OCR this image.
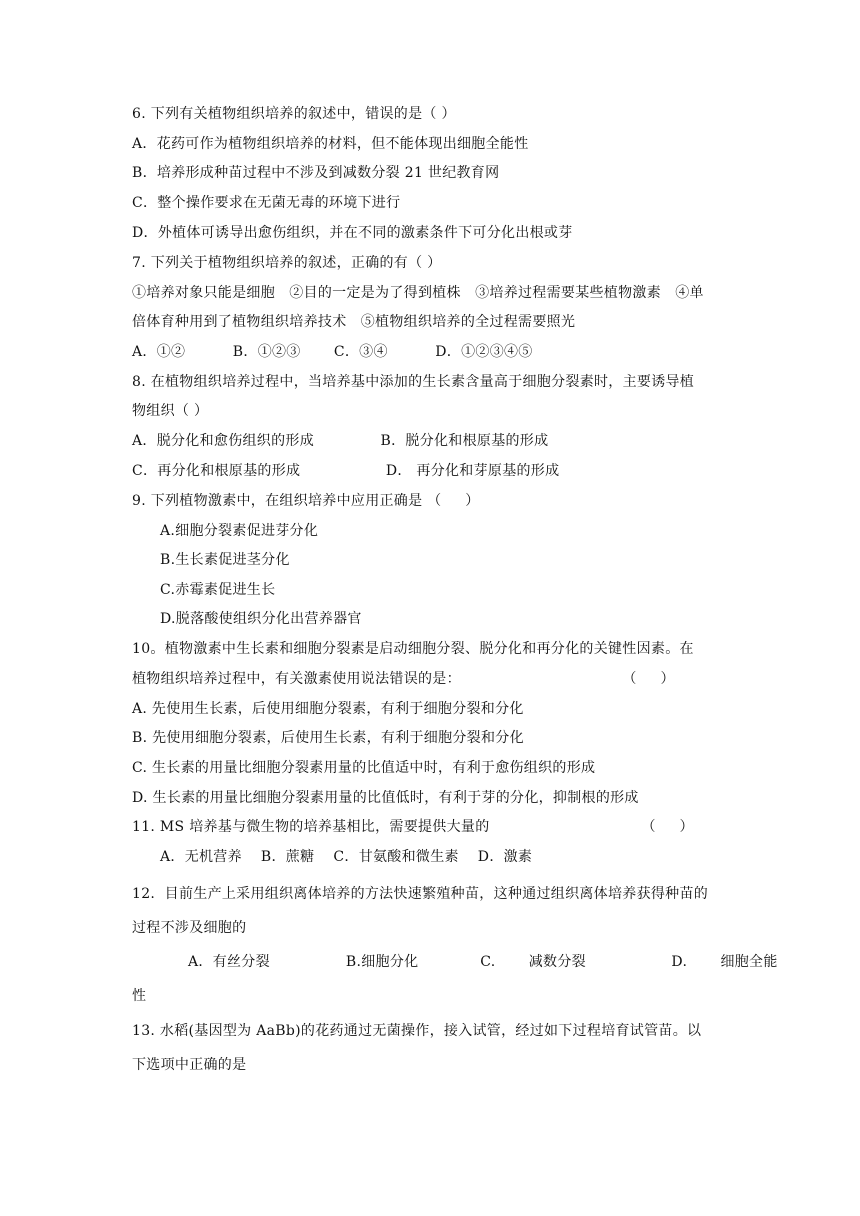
6. 下列有关植物组织培养的叙述中，错误的是（ ）
A．花药可作为植物组织培养的材料，但不能体现出细胞全能性
B．培养形成种苗过程中不涉及到减数分裂 21 世纪教育网
C．整个操作要求在无菌无毒的环境下进行
D．外植体可诱导出愈伤组织，并在不同的激素条件下可分化出根或芽
7. 下列关于植物组织培养的叙述，正确的有（ ）
①培养对象只能是细胞   ②目的一定是为了得到植株   ③培养过程需要某些植物激素   ④单
倍体育种用到了植物组织培养技术   ⑤植物组织培养的全过程需要照光
A．①②          B．①②③       C．③④          D．①②③④⑤
8. 在植物组织培养过程中，当培养基中添加的生长素含量高于细胞分裂素时，主要诱导植
物组织（ ）
A．脱分化和愈伤组织的形成              B．脱分化和根原基的形成
C．再分化和根原基的形成                  D． 再分化和芽原基的形成
9. 下列植物激素中，在组织培养中应用正确是 （     ）
A.细胞分裂素促进芽分化
B.生长素促进茎分化
C.赤霉素促进生长
D.脱落酸使组织分化出营养器官
10。植物激素中生长素和细胞分裂素是启动细胞分裂、脱分化和再分化的关键性因素。在
植物组织培养过程中，有关激素使用说法错误的是：                                  （     ）
A. 先使用生长素，后使用细胞分裂素，有利于细胞分裂和分化
B. 先使用细胞分裂素，后使用生长素，有利于细胞分裂和分化
C. 生长素的用量比细胞分裂素用量的比值适中时，有利于愈伤组织的形成
D. 生长素的用量比细胞分裂素用量的比值低时，有利于芽的分化，抑制根的形成
11. MS 培养基与微生物的培养基相比，需要提供大量的                                （     ）
A．无机营养    B．蔗糖    C．甘氨酸和微生素    D．激素
12.  目前生产上采用组织离体培养的方法快速繁殖种苗，这种通过组织离体培养获得种苗的
过程不涉及细胞的
A．有丝分裂                B.细胞分化             C.       减数分裂                  D.       细胞全能
性
13. 水稻(基因型为 AaBb)的花药通过无菌操作，接入试管，经过如下过程培育试管苗。以
下选项中正确的是
